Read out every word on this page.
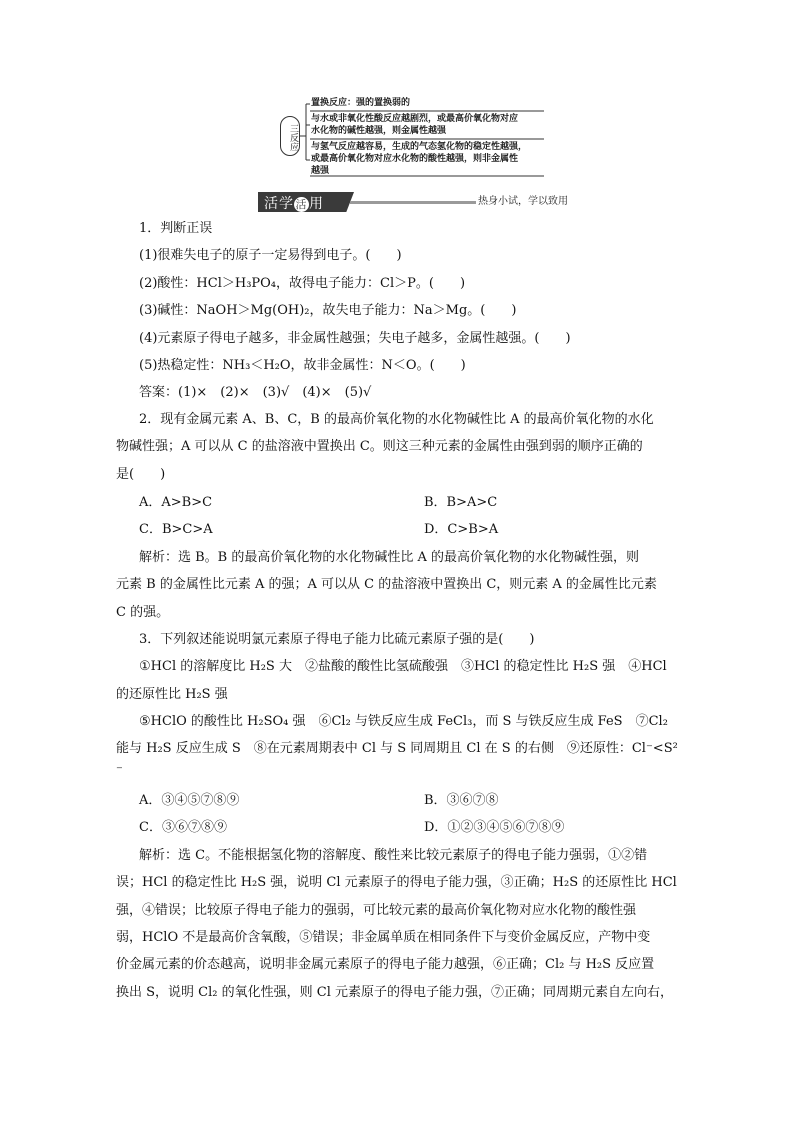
三反应
置换反应：强的置换弱的
与水或非氧化性酸反应越剧烈，或最高价氧化物对应
水化物的碱性越强，则金属性越强
与氢气反应越容易，生成的气态氢化物的稳定性越强，
或最高价氧化物对应水化物的酸性越强，则非金属性
越强
活学 活 用	热身小试，学以致用
1．判断正误
(1)很难失电子的原子一定易得到电子。(　　)
(2)酸性：HCl＞H₃PO₄，故得电子能力：Cl＞P。(　　)
(3)碱性：NaOH＞Mg(OH)₂，故失电子能力：Na＞Mg。(　　)
(4)元素原子得电子越多，非金属性越强；失电子越多，金属性越强。(　　)
(5)热稳定性：NH₃＜H₂O，故非金属性：N＜O。(　　)
答案：(1)×　(2)×　(3)√　(4)×　(5)√
2．现有金属元素 A、B、C，B 的最高价氧化物的水化物碱性比 A 的最高价氧化物的水化
物碱性强；A 可以从 C 的盐溶液中置换出 C。则这三种元素的金属性由强到弱的顺序正确的
是(　　)
A．A>B>C	B．B>A>C
C．B>C>A	D．C>B>A
解析：选 B。B 的最高价氧化物的水化物碱性比 A 的最高价氧化物的水化物碱性强，则
元素 B 的金属性比元素 A 的强；A 可以从 C 的盐溶液中置换出 C，则元素 A 的金属性比元素
C 的强。
3．下列叙述能说明氯元素原子得电子能力比硫元素原子强的是(　　)
①HCl 的溶解度比 H₂S 大　②盐酸的酸性比氢硫酸强　③HCl 的稳定性比 H₂S 强　④HCl
的还原性比 H₂S 强
⑤HClO 的酸性比 H₂SO₄ 强　⑥Cl₂ 与铁反应生成 FeCl₃，而 S 与铁反应生成 FeS　⑦Cl₂
能与 H₂S 反应生成 S　⑧在元素周期表中 Cl 与 S 同周期且 Cl 在 S 的右侧　⑨还原性：Cl⁻<S²
⁻
A．③④⑤⑦⑧⑨	B．③⑥⑦⑧
C．③⑥⑦⑧⑨	D．①②③④⑤⑥⑦⑧⑨
解析：选 C。不能根据氢化物的溶解度、酸性来比较元素原子的得电子能力强弱，①②错
误；HCl 的稳定性比 H₂S 强，说明 Cl 元素原子的得电子能力强，③正确；H₂S 的还原性比 HCl
强，④错误；比较原子得电子能力的强弱，可比较元素的最高价氧化物对应水化物的酸性强
弱，HClO 不是最高价含氧酸，⑤错误；非金属单质在相同条件下与变价金属反应，产物中变
价金属元素的价态越高，说明非金属元素原子的得电子能力越强，⑥正确；Cl₂ 与 H₂S 反应置
换出 S，说明 Cl₂ 的氧化性强，则 Cl 元素原子的得电子能力强，⑦正确；同周期元素自左向右，
